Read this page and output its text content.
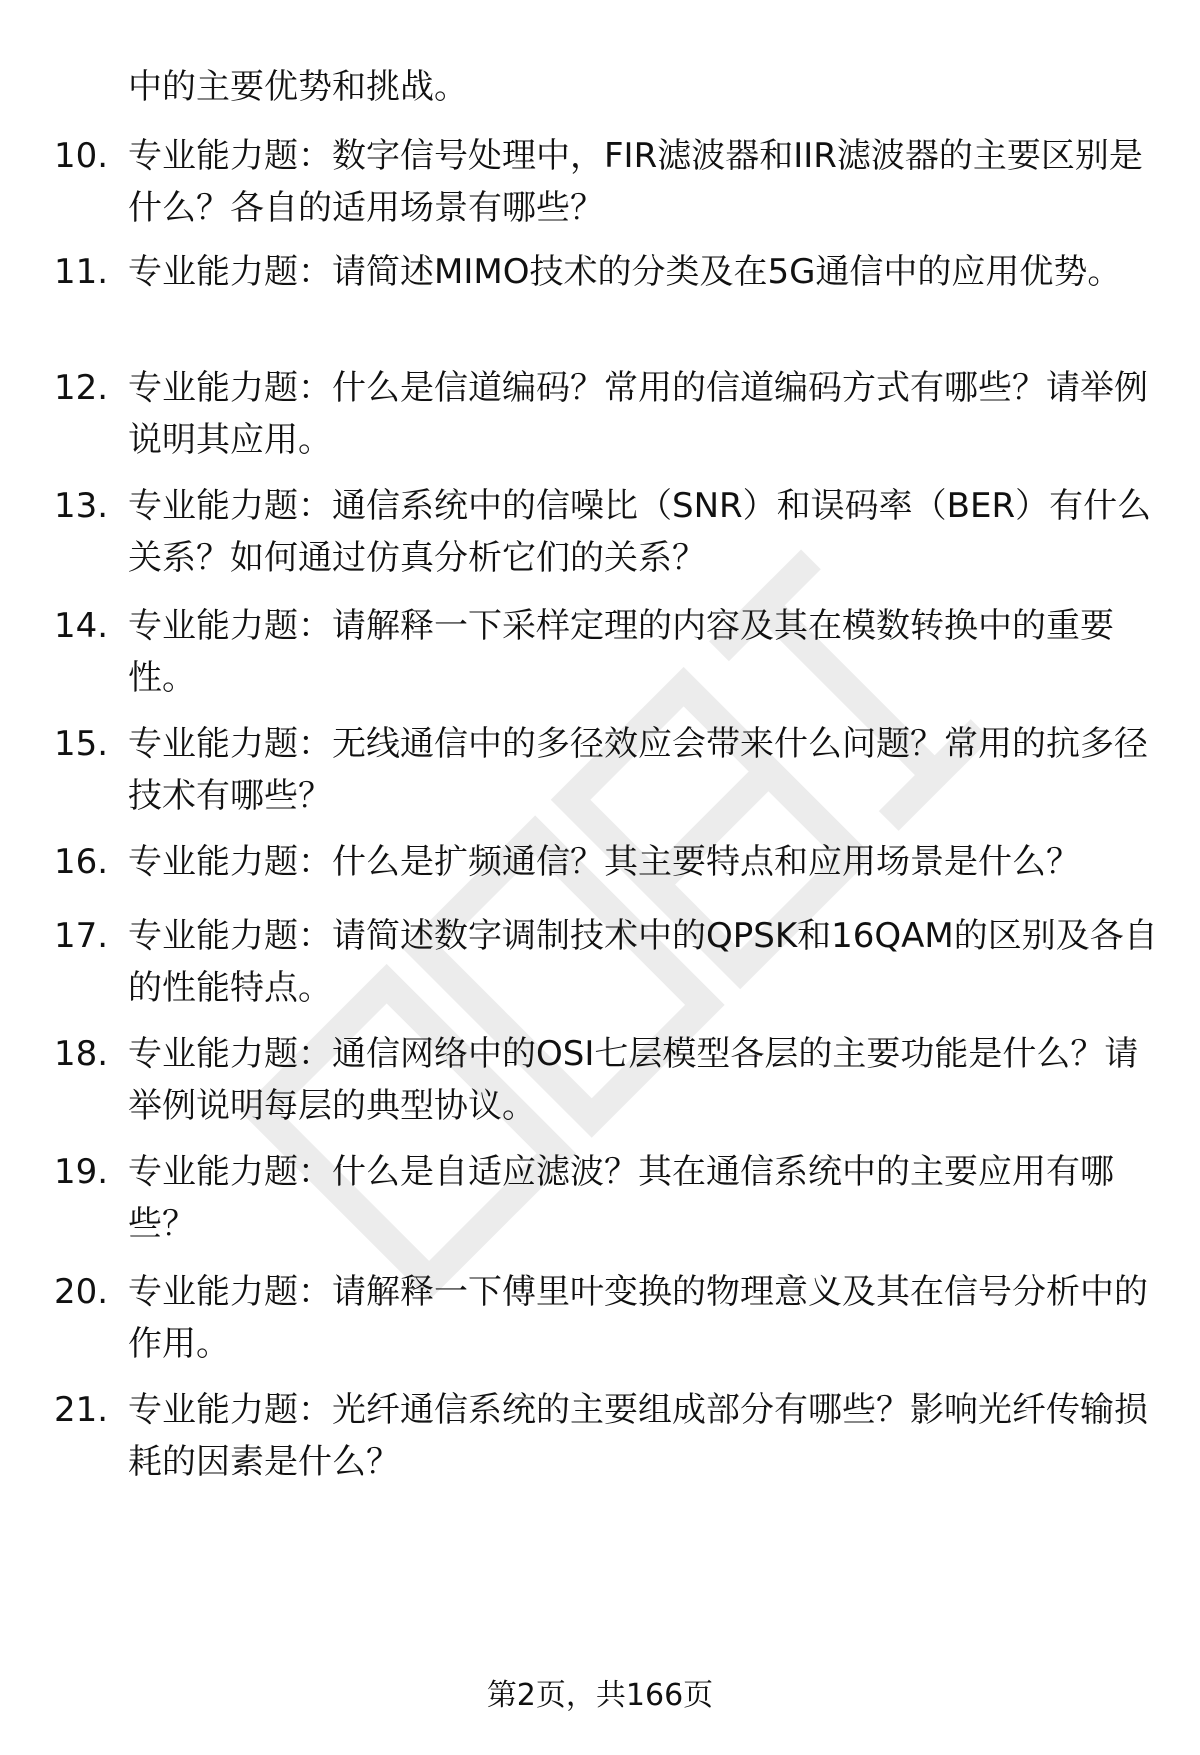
中的主要优势和挑战。
10. 专业能力题：数字信号处理中，FIR滤波器和IIR滤波器的主要区别是什么？各自的适用场景有哪些？
11. 专业能力题：请简述MIMO技术的分类及在5G通信中的应用优势。
12. 专业能力题：什么是信道编码？常用的信道编码方式有哪些？请举例说明其应用。
13. 专业能力题：通信系统中的信噪比（SNR）和误码率（BER）有什么关系？如何通过仿真分析它们的关系？
14. 专业能力题：请解释一下采样定理的内容及其在模数转换中的重要性。
15. 专业能力题：无线通信中的多径效应会带来什么问题？常用的抗多径技术有哪些？
16. 专业能力题：什么是扩频通信？其主要特点和应用场景是什么？
17. 专业能力题：请简述数字调制技术中的QPSK和16QAM的区别及各自的性能特点。
18. 专业能力题：通信网络中的OSI七层模型各层的主要功能是什么？请举例说明每层的典型协议。
19. 专业能力题：什么是自适应滤波？其在通信系统中的主要应用有哪些？
20. 专业能力题：请解释一下傅里叶变换的物理意义及其在信号分析中的作用。
21. 专业能力题：光纤通信系统的主要组成部分有哪些？影响光纤传输损耗的因素是什么？
第2页，共166页
